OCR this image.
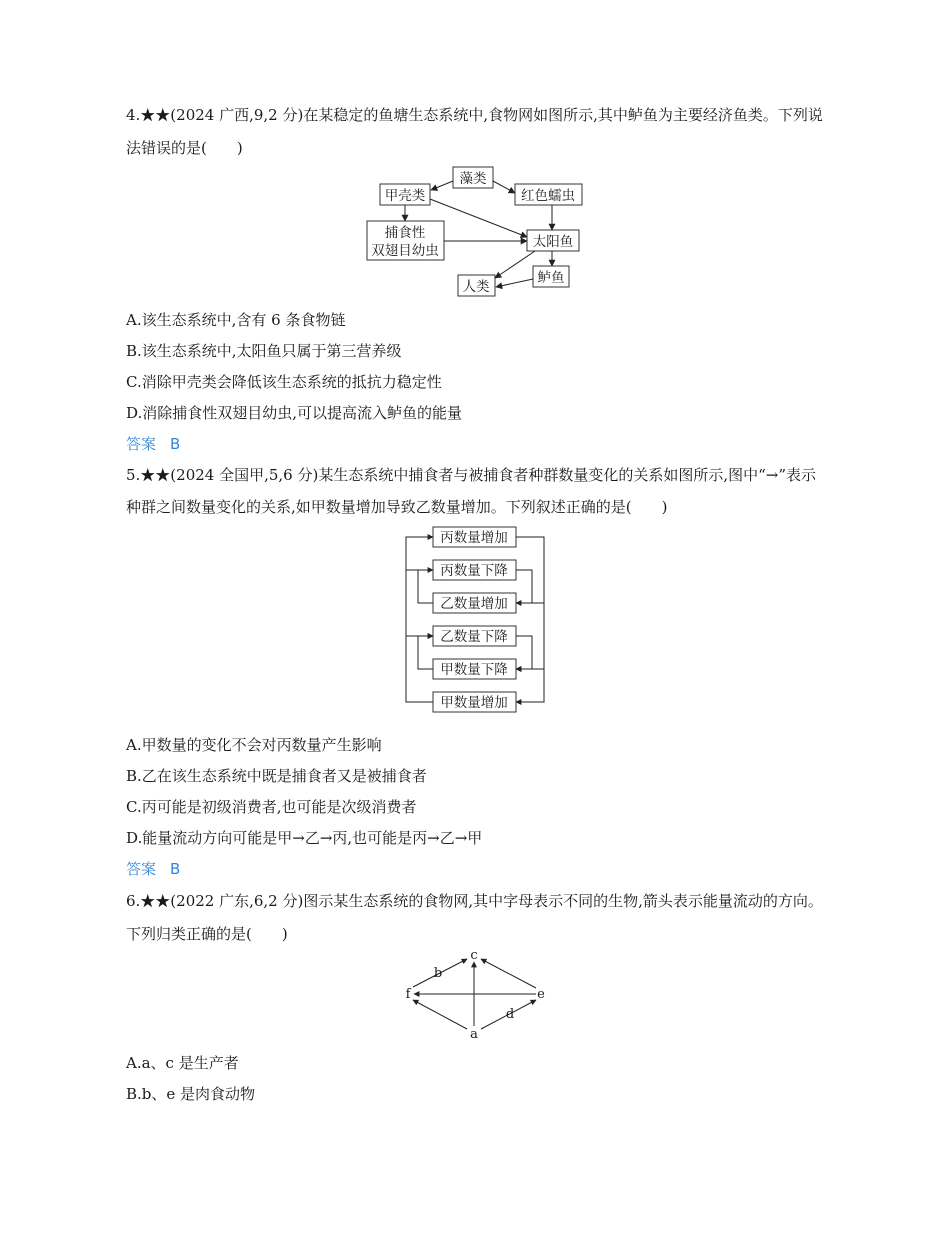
4.★★(2024 广西,9,2 分)在某稳定的鱼塘生态系统中,食物网如图所示,其中鲈鱼为主要经济鱼类。下列说
法错误的是(　　)
藻类
甲壳类	红色蠕虫
捕食性
双翅目幼虫
太阳鱼
鲈鱼
人类
A.该生态系统中,含有 6 条食物链
B.该生态系统中,太阳鱼只属于第三营养级
C.消除甲壳类会降低该生态系统的抵抗力稳定性
D.消除捕食性双翅目幼虫,可以提高流入鲈鱼的能量
答案 B
5.★★(2024 全国甲,5,6 分)某生态系统中捕食者与被捕食者种群数量变化的关系如图所示,图中“→”表示
种群之间数量变化的关系,如甲数量增加导致乙数量增加。下列叙述正确的是(　　)
丙数量增加
丙数量下降
乙数量增加
乙数量下降
甲数量下降
甲数量增加
A.甲数量的变化不会对丙数量产生影响
B.乙在该生态系统中既是捕食者又是被捕食者
C.丙可能是初级消费者,也可能是次级消费者
D.能量流动方向可能是甲→乙→丙,也可能是丙→乙→甲
答案 B
6.★★(2022 广东,6,2 分)图示某生态系统的食物网,其中字母表示不同的生物,箭头表示能量流动的方向。
下列归类正确的是(　　)
c
b
f	e
d
a
A.a、c 是生产者
B.b、e 是肉食动物
